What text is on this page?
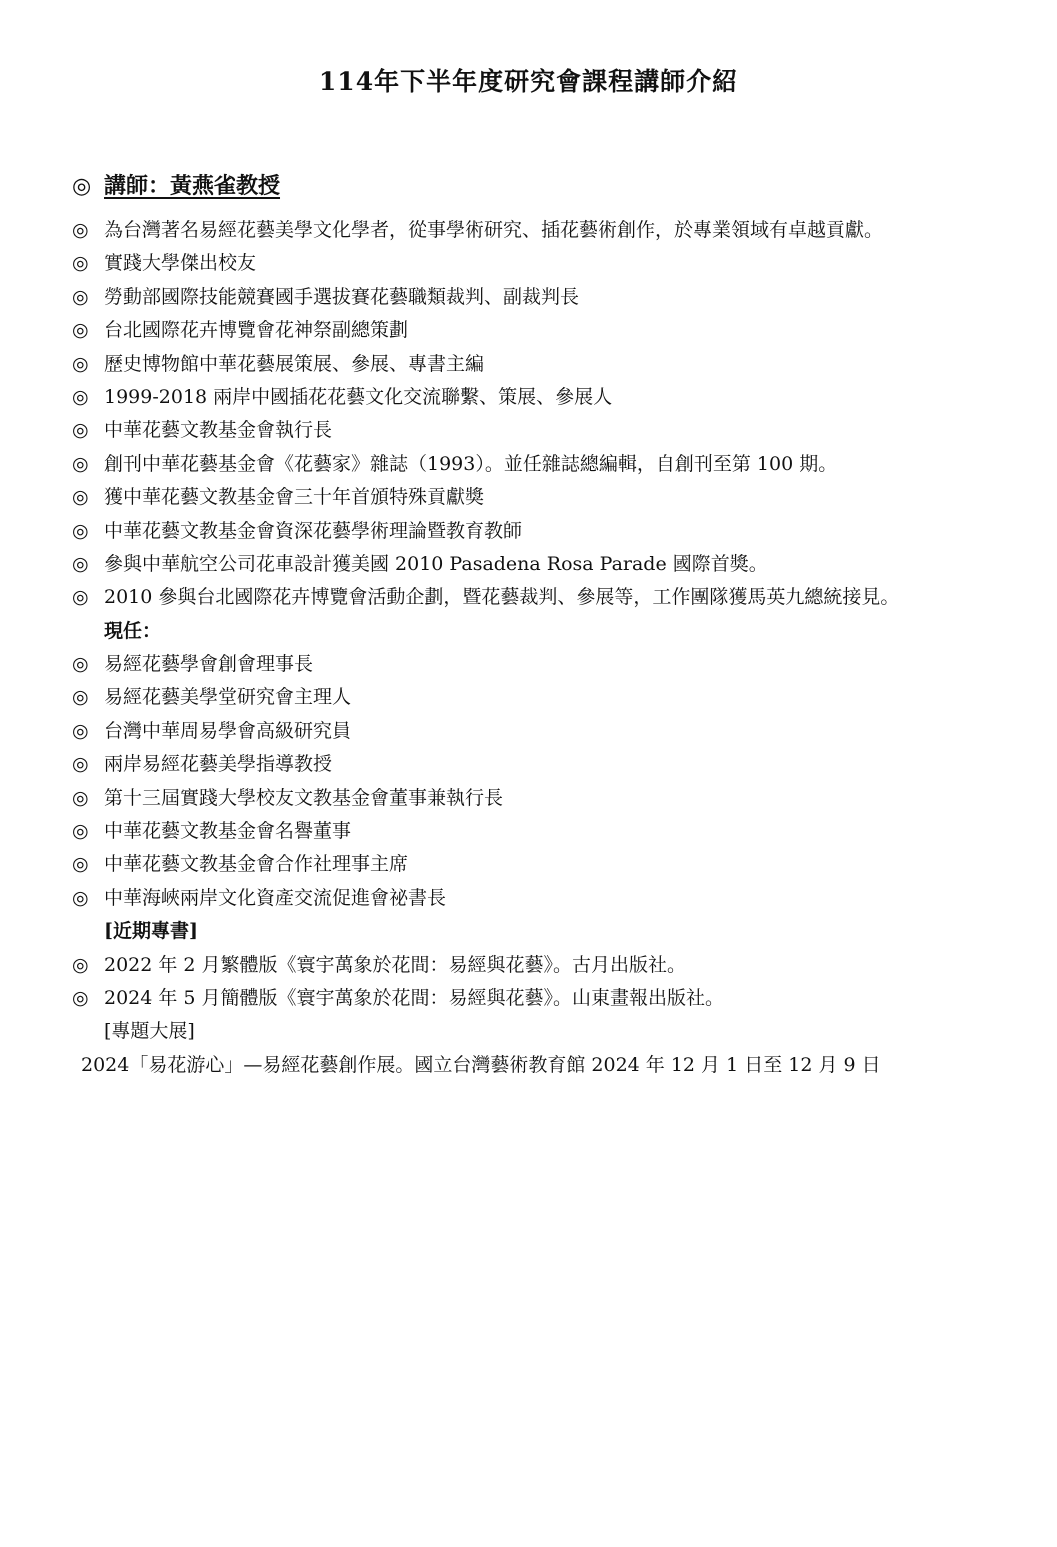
114年下半年度研究會課程講師介紹
◎ 講師：黃燕雀教授
◎ 為台灣著名易經花藝美學文化學者，從事學術研究、插花藝術創作，於專業領域有卓越貢獻。
◎ 實踐大學傑出校友
◎ 勞動部國際技能競賽國手選拔賽花藝職類裁判、副裁判長
◎ 台北國際花卉博覽會花神祭副總策劃
◎ 歷史博物館中華花藝展策展、參展、專書主編
◎ 1999-2018 兩岸中國插花花藝文化交流聯繫、策展、參展人
◎ 中華花藝文教基金會執行長
◎ 創刊中華花藝基金會《花藝家》雜誌（1993）。並任雜誌總編輯，自創刊至第 100 期。
◎ 獲中華花藝文教基金會三十年首頒特殊貢獻獎
◎ 中華花藝文教基金會資深花藝學術理論暨教育教師
◎ 參與中華航空公司花車設計獲美國 2010 Pasadena Rosa Parade 國際首獎。
◎ 2010 參與台北國際花卉博覽會活動企劃，暨花藝裁判、參展等，工作團隊獲馬英九總統接見。
現任：
◎ 易經花藝學會創會理事長
◎ 易經花藝美學堂研究會主理人
◎ 台灣中華周易學會高級研究員
◎ 兩岸易經花藝美學指導教授
◎ 第十三屆實踐大學校友文教基金會董事兼執行長
◎ 中華花藝文教基金會名譽董事
◎ 中華花藝文教基金會合作社理事主席
◎ 中華海峽兩岸文化資產交流促進會祕書長
[近期專書]
◎ 2022 年 2 月繁體版《寰宇萬象於花間：易經與花藝》。古月出版社。
◎ 2024 年 5 月簡體版《寰宇萬象於花間：易經與花藝》。山東畫報出版社。
[專題大展]
2024「易花游心」—易經花藝創作展。國立台灣藝術教育館 2024 年 12 月 1 日至 12 月 9 日
